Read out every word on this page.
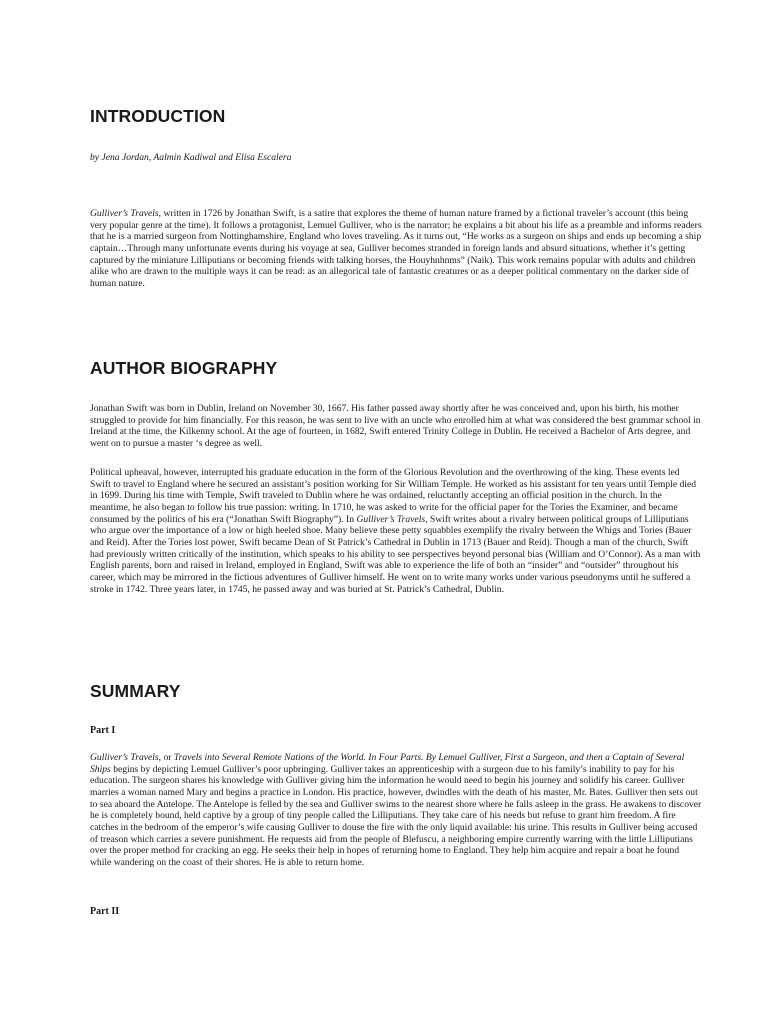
INTRODUCTION

by Jena Jordan, Aalmin Kadiwal and Elisa Escalera

Gulliver’s Travels, written in 1726 by Jonathan Swift, is a satire that explores the theme of human nature framed by a fictional traveler’s account (this being very popular genre at the time). It follows a protagonist, Lemuel Gulliver, who is the narrator; he explains a bit about his life as a preamble and informs readers that he is a married surgeon from Nottinghamshire, England who loves traveling. As it turns out, “He works as a surgeon on ships and ends up becoming a ship captain…Through many unfortunate events during his voyage at sea, Gulliver becomes stranded in foreign lands and absurd situations, whether it’s getting captured by the miniature Lilliputians or becoming friends with talking horses, the Houyhnhnms” (Naik). This work remains popular with adults and children alike who are drawn to the multiple ways it can be read: as an allegorical tale of fantastic creatures or as a deeper political commentary on the darker side of human nature.

AUTHOR BIOGRAPHY

Jonathan Swift was born in Dublin, Ireland on November 30, 1667. His father passed away shortly after he was conceived and, upon his birth, his mother struggled to provide for him financially. For this reason, he was sent to live with an uncle who enrolled him at what was considered the best grammar school in Ireland at the time, the Kilkenny school. At the age of fourteen, in 1682, Swift entered Trinity College in Dublin. He received a Bachelor of Arts degree, and went on to pursue a master ‘s degree as well.

Political upheaval, however, interrupted his graduate education in the form of the Glorious Revolution and the overthrowing of the king. These events led Swift to travel to England where he secured an assistant’s position working for Sir William Temple. He worked as his assistant for ten years until Temple died in 1699. During his time with Temple, Swift traveled to Dublin where he was ordained, reluctantly accepting an official position in the church. In the meantime, he also began to follow his true passion: writing. In 1710, he was asked to write for the official paper for the Tories the Examiner, and became consumed by the politics of his era (“Jonathan Swift Biography”). In Gulliver’s Travels, Swift writes about a rivalry between political groups of Lilliputians who argue over the importance of a low or high heeled shoe. Many believe these petty squabbles exemplify the rivalry between the Whigs and Tories (Bauer and Reid). After the Tories lost power, Swift became Dean of St Patrick’s Cathedral in Dublin in 1713 (Bauer and Reid). Though a man of the church, Swift had previously written critically of the institution, which speaks to his ability to see perspectives beyond personal bias (William and O’Connor). As a man with English parents, born and raised in Ireland, employed in England, Swift was able to experience the life of both an “insider” and “outsider” throughout his career, which may be mirrored in the fictious adventures of Gulliver himself. He went on to write many works under various pseudonyms until he suffered a stroke in 1742. Three years later, in 1745, he passed away and was buried at St. Patrick’s Cathedral, Dublin.

SUMMARY

Part I

Gulliver’s Travels, or Travels into Several Remote Nations of the World. In Four Parts. By Lemuel Gulliver, First a Surgeon, and then a Captain of Several Ships begins by depicting Lemuel Gulliver’s poor upbringing. Gulliver takes an apprenticeship with a surgeon due to his family’s inability to pay for his education. The surgeon shares his knowledge with Gulliver giving him the information he would need to begin his journey and solidify his career. Gulliver marries a woman named Mary and begins a practice in London. His practice, however, dwindles with the death of his master, Mr. Bates. Gulliver then sets out to sea aboard the Antelope. The Antelope is felled by the sea and Gulliver swims to the nearest shore where he falls asleep in the grass. He awakens to discover he is completely bound, held captive by a group of tiny people called the Lilliputians. They take care of his needs but refuse to grant him freedom. A fire catches in the bedroom of the emperor’s wife causing Gulliver to douse the fire with the only liquid available: his urine. This results in Gulliver being accused of treason which carries a severe punishment. He requests aid from the people of Blefuscu, a neighboring empire currently warring with the little Lilliputians over the proper method for cracking an egg. He seeks their help in hopes of returning home to England. They help him acquire and repair a boat he found while wandering on the coast of their shores. He is able to return home.

Part II
